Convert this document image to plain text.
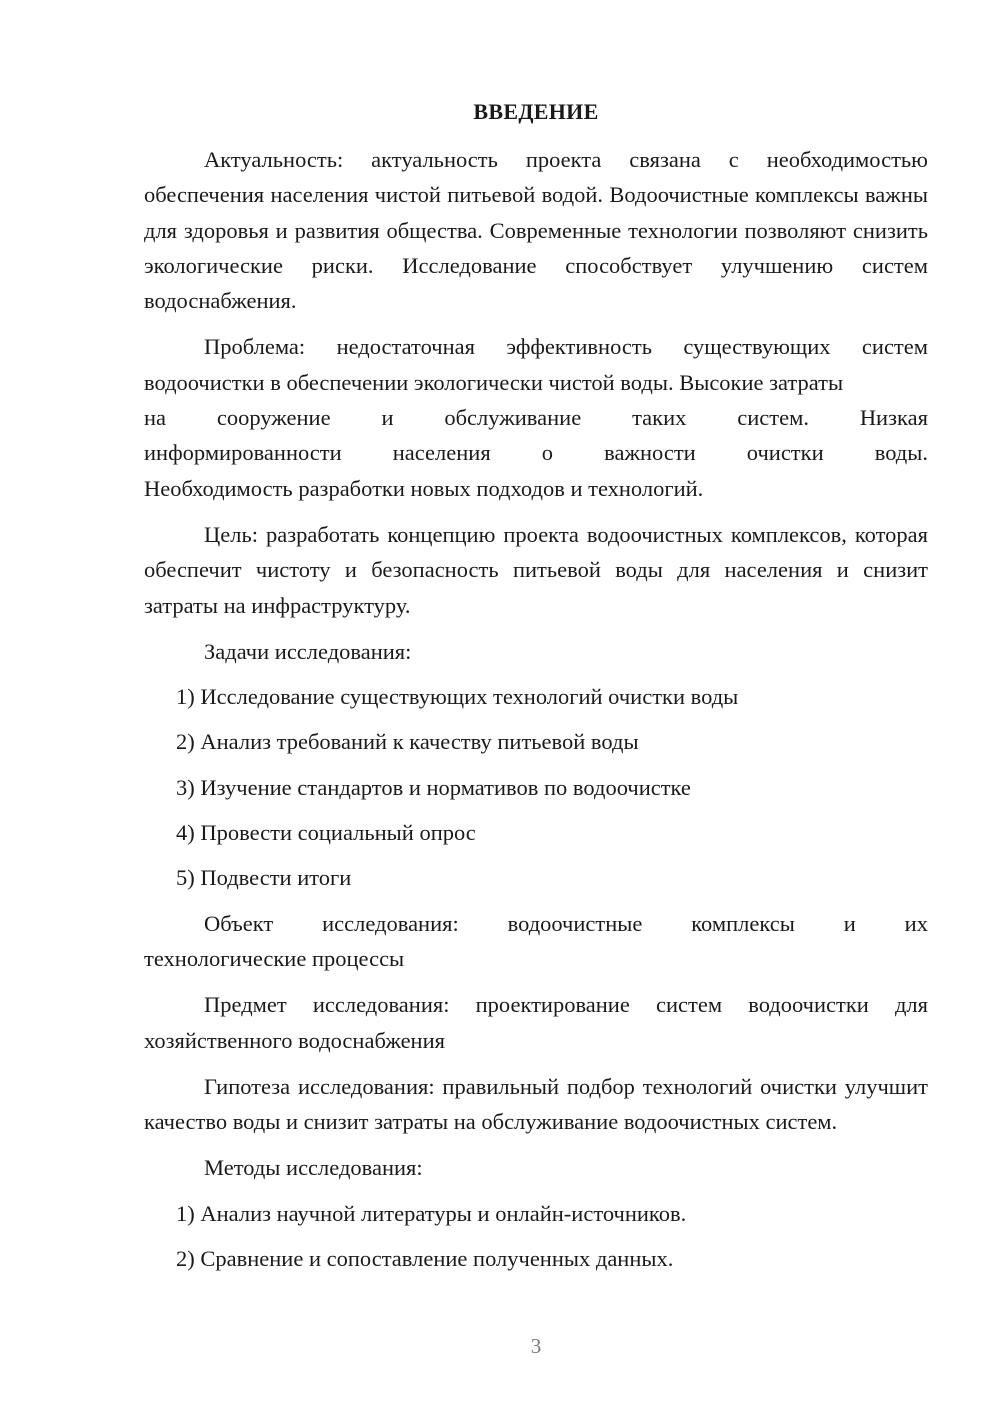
ВВЕДЕНИЕ

Актуальность: актуальность проекта связана с необходимостью обеспечения населения чистой питьевой водой. Водоочистные комплексы важны для здоровья и развития общества. Современные технологии позволяют снизить экологические риски. Исследование способствует улучшению систем водоснабжения.

Проблема: недостаточная эффективность существующих систем водоочистки в обеспечении экологически чистой воды. Высокие затраты

на сооружение и обслуживание таких систем. Низкая
информированности населения о важности очистки воды.
Необходимость разработки новых подходов и технологий.

Цель: разработать концепцию проекта водоочистных комплексов, которая обеспечит чистоту и безопасность питьевой воды для населения и снизит затраты на инфраструктуру.

Задачи исследования:

1) Исследование существующих технологий очистки воды

2) Анализ требований к качеству питьевой воды

3) Изучение стандартов и нормативов по водоочистке

4) Провести социальный опрос

5) Подвести итоги

Объект исследования: водоочистные комплексы и их
технологические процессы

Предмет исследования: проектирование систем водоочистки для хозяйственного водоснабжения

Гипотеза исследования: правильный подбор технологий очистки улучшит качество воды и снизит затраты на обслуживание водоочистных систем.

Методы исследования:

1) Анализ научной литературы и онлайн-источников.

2) Сравнение и сопоставление полученных данных.

3
